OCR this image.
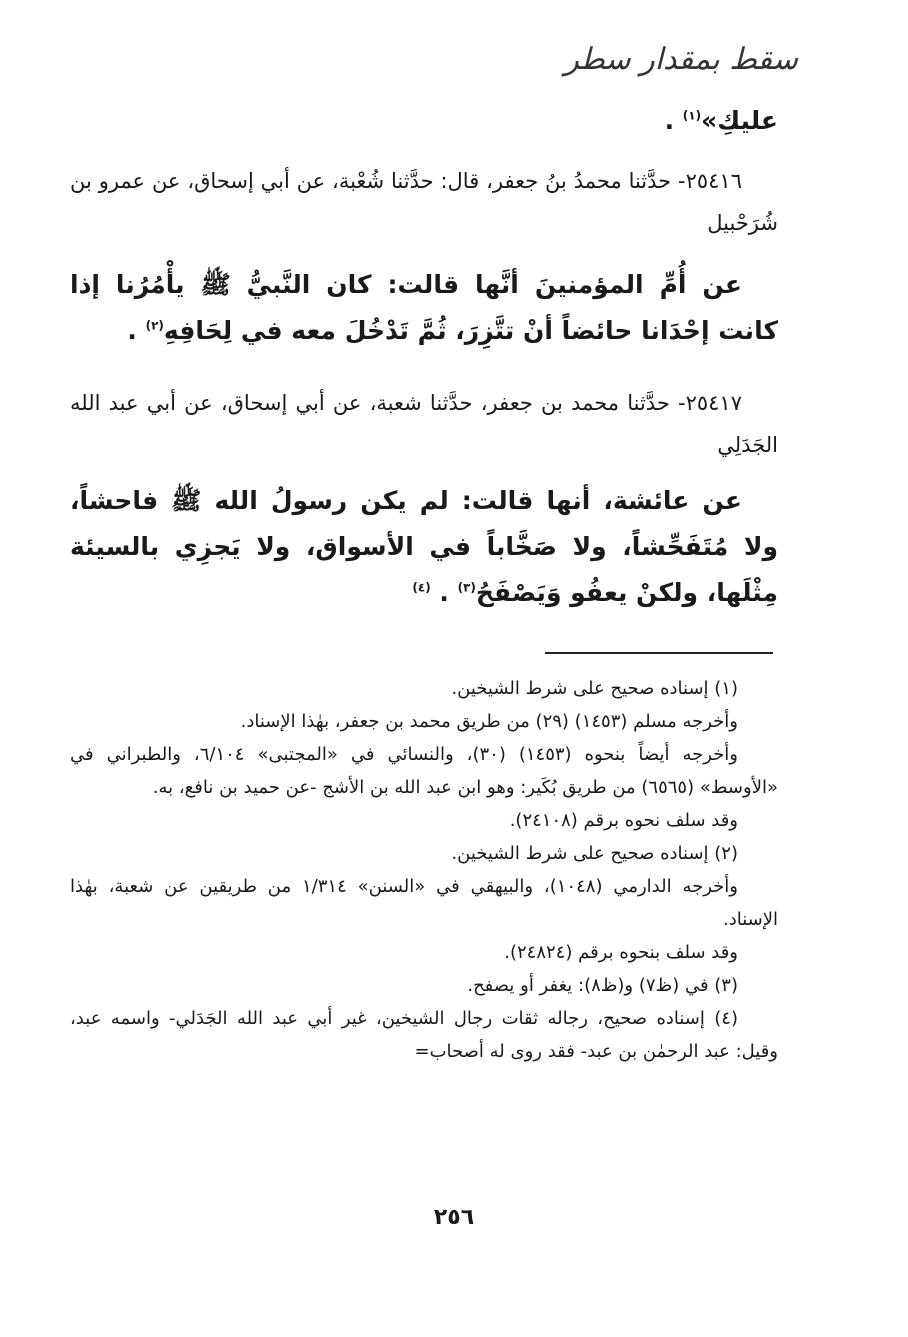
سقط بمقدار سطر
عليكِ»$^{(١)}$ .
٢٥٤١٦- حدَّثنا محمدُ بنُ جعفر، قال: حدَّثنا شُعْبة، عن أبي إسحاق، عن عمرو بن شُرَحْبيل
عن أُمِّ المؤمنينَ أنَّها قالت: كان النَّبيُّ ﷺ يأْمُرُنا إذا كانت إحْدَانا حائضاً أنْ تتَّزِرَ، ثُمَّ تَدْخُلَ معه في لِحَافِهِ$^{(٢)}$ .
٢٥٤١٧- حدَّثنا محمد بن جعفر، حدَّثنا شعبة، عن أبي إسحاق، عن أبي عبد الله الجَدَلِي
عن عائشة، أنها قالت: لم يكن رسولُ الله ﷺ فاحشاً، ولا مُتَفَحِّشاً، ولا صَخَّاباً في الأسواق، ولا يَجزِي بالسيئة مِثْلَها، ولكنْ يعفُو وَيَصْفَحُ$^{(٣)}$ . $^{(٤)}$

(١) إسناده صحيح على شرط الشيخين.

وأخرجه مسلم (١٤٥٣) (٢٩) من طريق محمد بن جعفر، بهٰذا الإسناد.

وأخرجه أيضاً بنحوه (١٤٥٣) (٣٠)، والنسائي في «المجتبى» ٦/١٠٤، والطبراني في «الأوسط» (٦٥٦٥) من طريق بُكَير: وهو ابن عبد الله بن الأشج -عن حميد بن نافع، به.

وقد سلف نحوه برقم (٢٤١٠٨).

(٢) إسناده صحيح على شرط الشيخين.

وأخرجه الدارمي (١٠٤٨)، والبيهقي في «السنن» ١/٣١٤ من طريقين عن شعبة، بهٰذا الإسناد.

وقد سلف بنحوه برقم (٢٤٨٢٤).

(٣) في (ظ٧) و(ظ٨): يغفر أو يصفح.

(٤) إسناده صحيح، رجاله ثقات رجال الشيخين، غير أبي عبد الله الجَدَلي- واسمه عبد، وقيل: عبد الرحمٰن بن عبد- فقد روى له أصحاب=

٢٥٦
